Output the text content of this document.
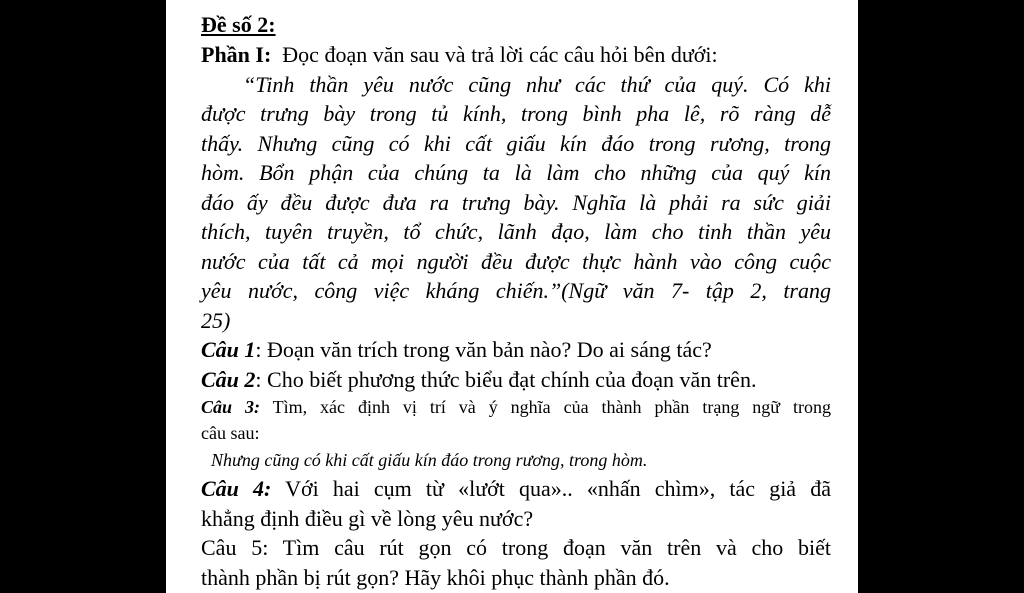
Đề số 2:
Phần I: Đọc đoạn văn sau và trả lời các câu hỏi bên dưới:
“Tinh thần yêu nước cũng như các thứ của quý. Có khi
được trưng bày trong tủ kính, trong bình pha lê, rõ ràng dễ
thấy. Nhưng cũng có khi cất giấu kín đáo trong rương, trong
hòm. Bổn phận của chúng ta là làm cho những của quý kín
đáo ấy đều được đưa ra trưng bày. Nghĩa là phải ra sức giải
thích, tuyên truyền, tổ chức, lãnh đạo, làm cho tinh thần yêu
nước của tất cả mọi người đều được thực hành vào công cuộc
yêu nước, công việc kháng chiến.”(Ngữ văn 7- tập 2, trang
25)
Câu 1: Đoạn văn trích trong văn bản nào? Do ai sáng tác?
Câu 2: Cho biết phương thức biểu đạt chính của đoạn văn trên.
Câu 3: Tìm, xác định vị trí và ý nghĩa của thành phần trạng ngữ trong
câu sau:
Nhưng cũng có khi cất giấu kín đáo trong rương, trong hòm.
Câu 4: Với hai cụm từ «lướt qua».. «nhấn chìm», tác giả đã
khẳng định điều gì về lòng yêu nước?
Câu 5: Tìm câu rút gọn có trong đoạn văn trên và cho biết
thành phần bị rút gọn? Hãy khôi phục thành phần đó.
